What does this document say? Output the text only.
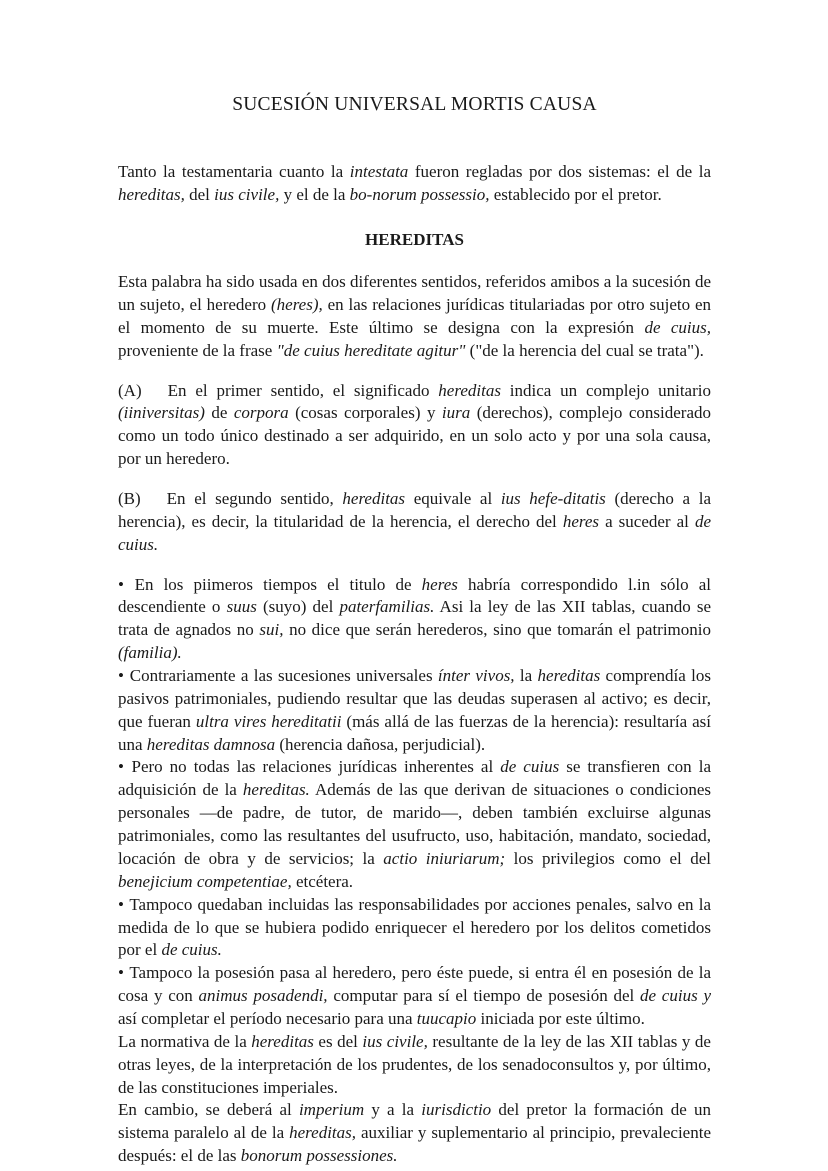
SUCESIÓN UNIVERSAL MORTIS CAUSA

Tanto la testamentaria cuanto la intestata fueron regladas por dos sistemas: el de la hereditas, del ius civile, y el de la bo-norum possessio, establecido por el pretor.

HEREDITAS

Esta palabra ha sido usada en dos diferentes sentidos, referidos amibos a la sucesión de un sujeto, el heredero (heres), en las relaciones jurídicas titulariadas por otro sujeto en el momento de su muerte. Este último se designa con la expresión de cuius, proveniente de la frase "de cuius hereditate agitur" ("de la herencia del cual se trata").

(A) En el primer sentido, el significado hereditas indica un complejo unitario (iiniversitas) de corpora (cosas corporales) y iura (derechos), complejo considerado como un todo único destinado a ser adquirido, en un solo acto y por una sola causa, por un heredero.

(B) En el segundo sentido, hereditas equivale al ius hefe-ditatis (derecho a la herencia), es decir, la titularidad de la herencia, el derecho del heres a suceder al de cuius.

• En los piimeros tiempos el titulo de heres habría correspondido l.in sólo al descendiente o suus (suyo) del paterfamilias. Asi la ley de las XII tablas, cuando se trata de agnados no sui, no dice que serán herederos, sino que tomarán el patrimonio (familia).

• Contrariamente a las sucesiones universales ínter vivos, la hereditas comprendía los pasivos patrimoniales, pudiendo resultar que las deudas superasen al activo; es decir, que fueran ultra vires hereditatii (más allá de las fuerzas de la herencia): resultaría así una hereditas damnosa (herencia dañosa, perjudicial).

• Pero no todas las relaciones jurídicas inherentes al de cuius se transfieren con la adquisición de la hereditas. Además de las que derivan de situaciones o condiciones personales —de padre, de tutor, de marido—, deben también excluirse algunas patrimoniales, como las resultantes del usufructo, uso, habitación, mandato, sociedad, locación de obra y de servicios; la actio iniuriarum; los privilegios como el del benejicium competentiae, etcétera.

• Tampoco quedaban incluidas las responsabilidades por acciones penales, salvo en la medida de lo que se hubiera podido enriquecer el heredero por los delitos cometidos por el de cuius.

• Tampoco la posesión pasa al heredero, pero éste puede, si entra él en posesión de la cosa y con animus posadendi, computar para sí el tiempo de posesión del de cuius y así completar el período necesario para una tuucapio iniciada por este último.

La normativa de la hereditas es del ius civile, resultante de la ley de las XII tablas y de otras leyes, de la interpretación de los prudentes, de los senadoconsultos y, por último, de las constituciones imperiales.

En cambio, se deberá al imperium y a la iurisdictio del pretor la formación de un sistema paralelo al de la hereditas, auxiliar y suplementario al principio, prevaleciente después: el de las bonorum possessiones.
